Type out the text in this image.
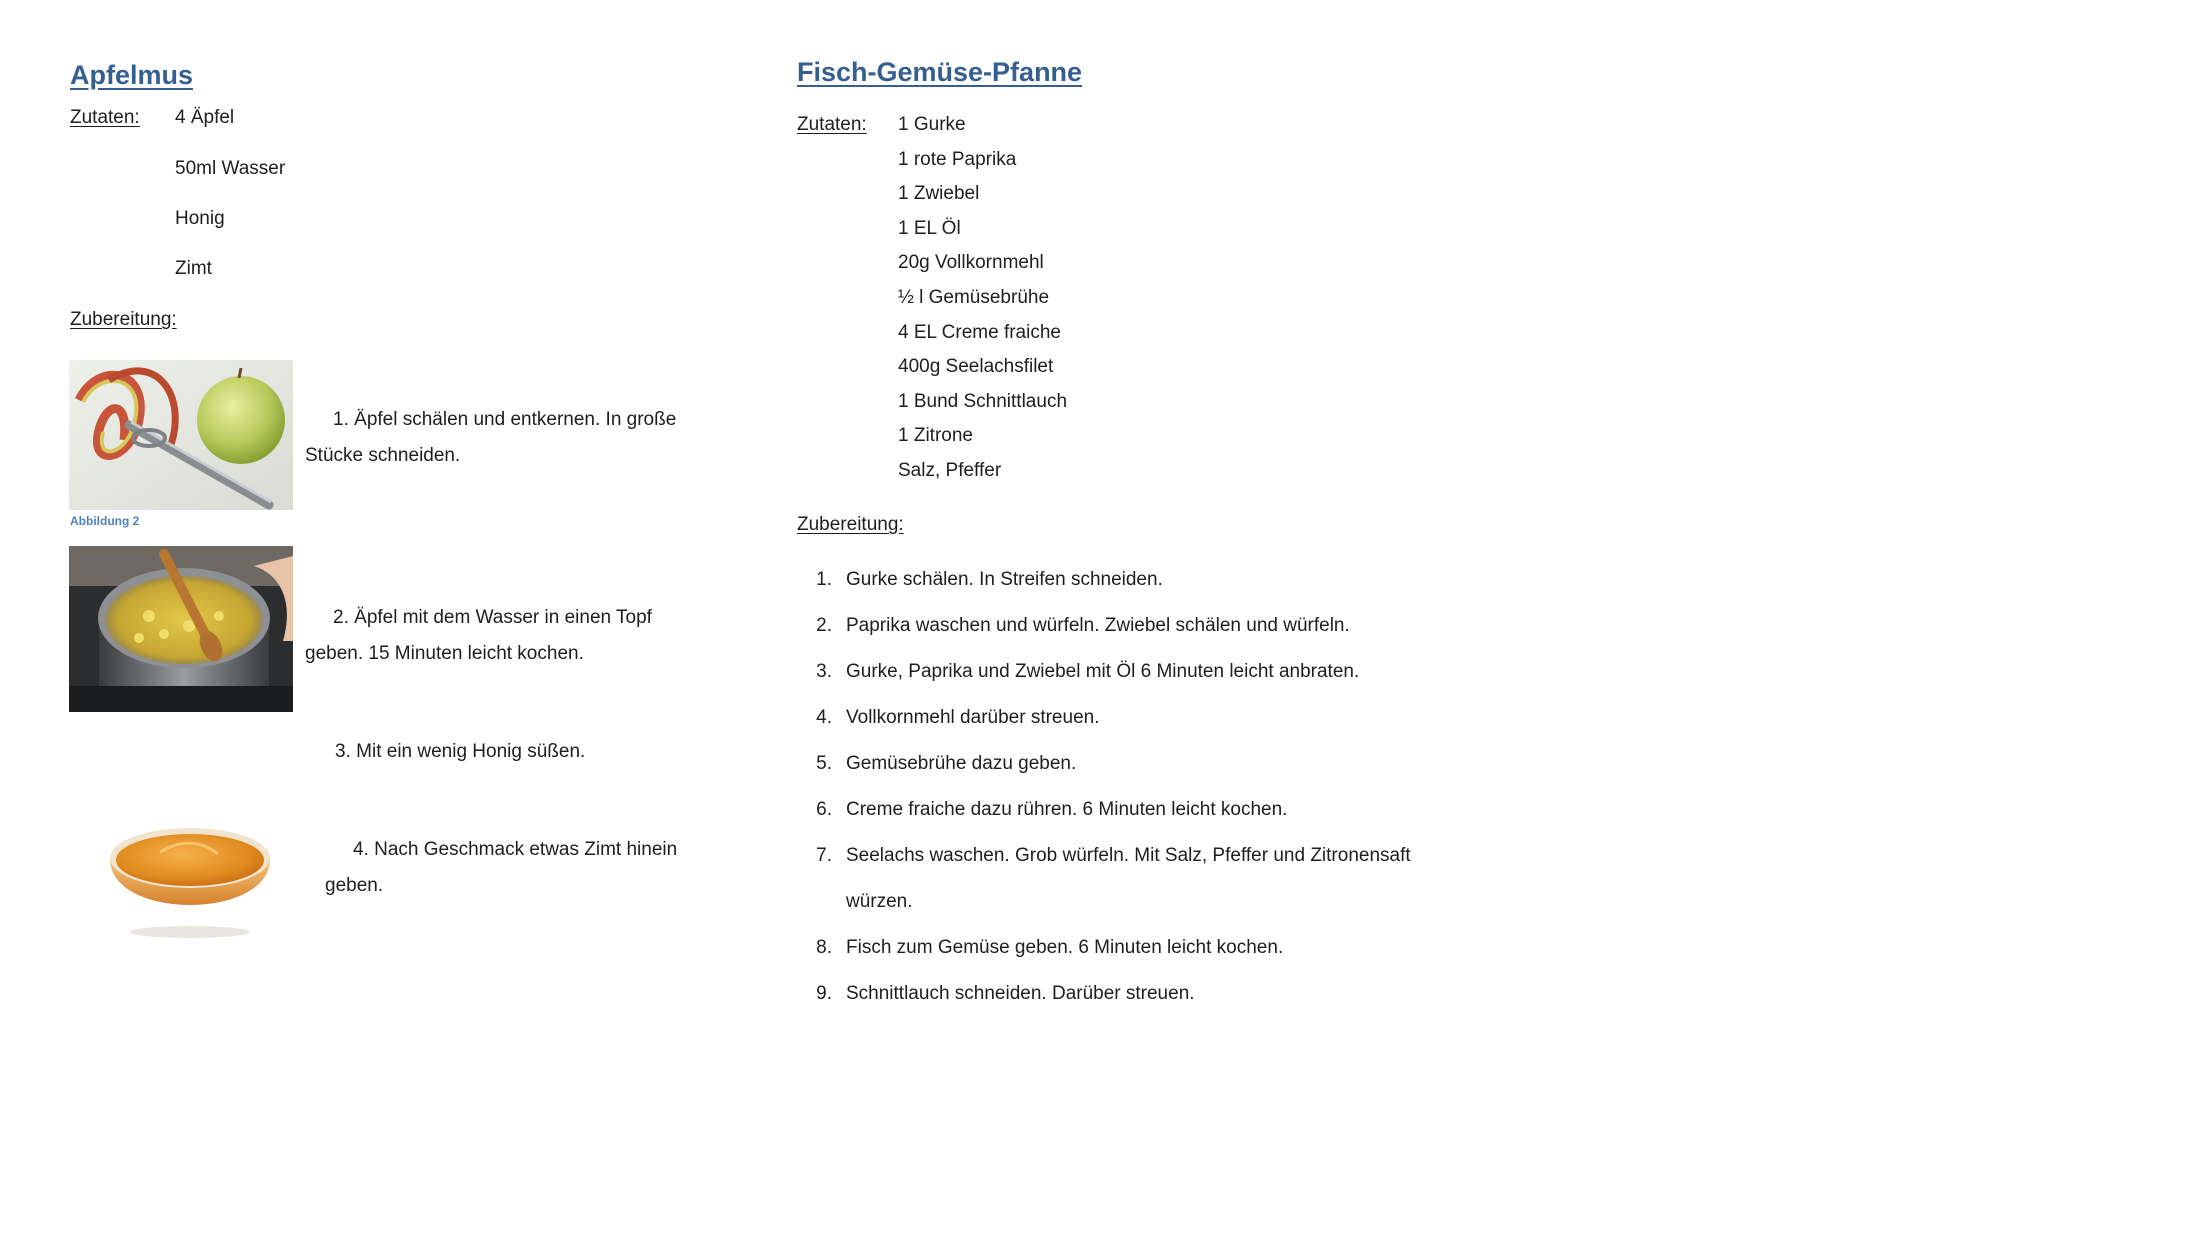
Apfelmus
Zutaten: 4 Äpfel
50ml Wasser
Honig
Zimt
Zubereitung:
Abbildung 2
1. Äpfel schälen und entkernen. In große
Stücke schneiden.
2. Äpfel mit dem Wasser in einen Topf
geben. 15 Minuten leicht kochen.
3. Mit ein wenig Honig süßen.
4. Nach Geschmack etwas Zimt hinein
geben.
Fisch-Gemüse-Pfanne
Zutaten: 1 Gurke
1 rote Paprika
1 Zwiebel
1 EL Öl
20g Vollkornmehl
½ l Gemüsebrühe
4 EL Creme fraiche
400g Seelachsfilet
1 Bund Schnittlauch
1 Zitrone
Salz, Pfeffer
Zubereitung:
1. Gurke schälen. In Streifen schneiden.
2. Paprika waschen und würfeln. Zwiebel schälen und würfeln.
3. Gurke, Paprika und Zwiebel mit Öl 6 Minuten leicht anbraten.
4. Vollkornmehl darüber streuen.
5. Gemüsebrühe dazu geben.
6. Creme fraiche dazu rühren. 6 Minuten leicht kochen.
7. Seelachs waschen. Grob würfeln. Mit Salz, Pfeffer und Zitronensaft
würzen.
8. Fisch zum Gemüse geben. 6 Minuten leicht kochen.
9. Schnittlauch schneiden. Darüber streuen.
